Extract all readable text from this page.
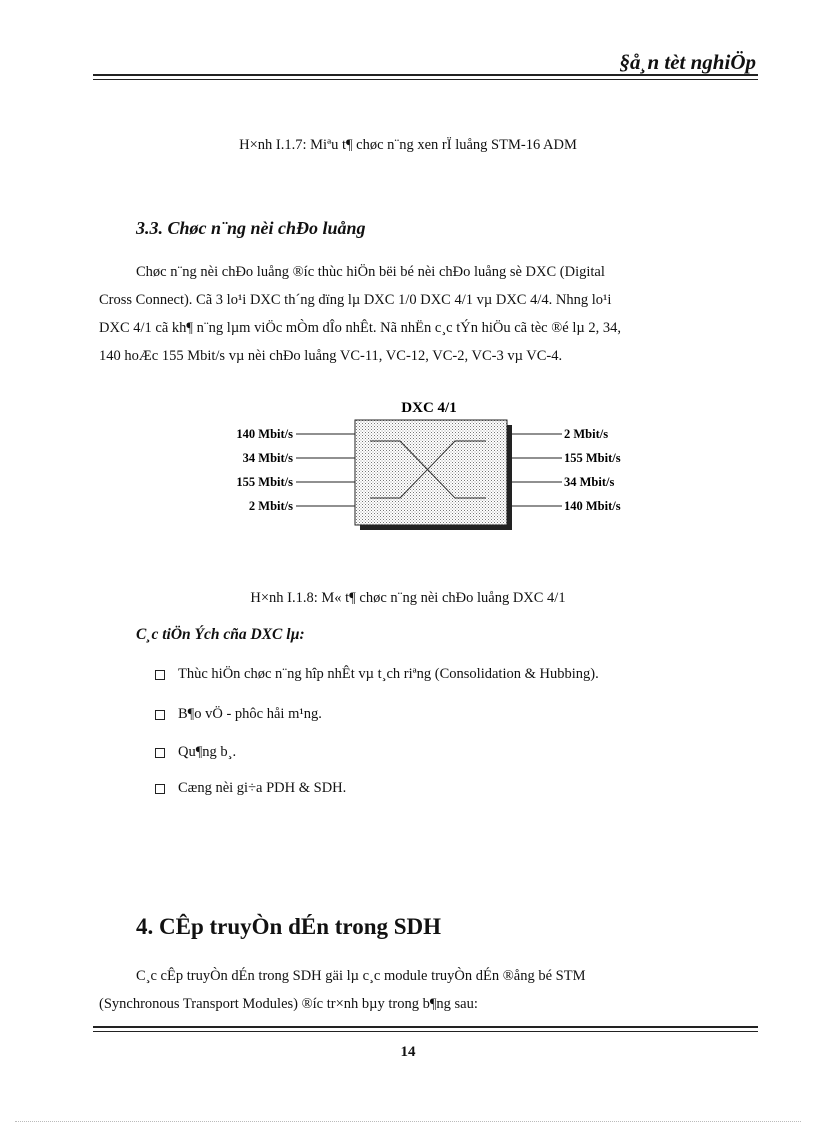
§å¸n tèt nghiÖp
H×nh I.1.7: Miªu t¶ chøc n¨ng xen rÏ luång STM-16 ADM
3.3. Chøc n¨ng nèi chÐo luång
Chøc n¨ng nèi chÐo luång ®íc thùc hiÖn bëi bé nèi chÐo luång sè DXC (Digital
Cross Connect). Cã 3 lo¹i DXC th´ng dïng lµ DXC 1/0 DXC 4/1 vµ DXC 4/4. Nhng lo¹i
DXC 4/1 cã kh¶ n¨ng lµm viÖc mÒm dÎo nhÊt. Nã nhËn c¸c tÝn hiÖu cã tèc ®é lµ 2, 34,
140 hoÆc 155 Mbit/s vµ nèi chÐo luång VC-11, VC-12, VC-2, VC-3 vµ VC-4.
DXC 4/1
140 Mbit/s
34 Mbit/s
155 Mbit/s
2 Mbit/s
2 Mbit/s
155 Mbit/s
34 Mbit/s
140 Mbit/s
H×nh I.1.8: M« t¶ chøc n¨ng nèi chÐo luång DXC 4/1
C¸c tiÖn Ých cña DXC lµ:
Thùc hiÖn chøc n¨ng hîp nhÊt vµ t¸ch riªng (Consolidation & Hubbing).
B¶o vÖ - phôc håi m¹ng.
Qu¶ng b¸.
Cæng nèi gi÷a PDH & SDH.
4. CÊp truyÒn dÉn trong SDH
C¸c cÊp truyÒn dÉn trong SDH gäi lµ c¸c module truyÒn dÉn ®ång bé STM
(Synchronous Transport Modules) ®íc tr×nh bµy trong b¶ng sau:
14
